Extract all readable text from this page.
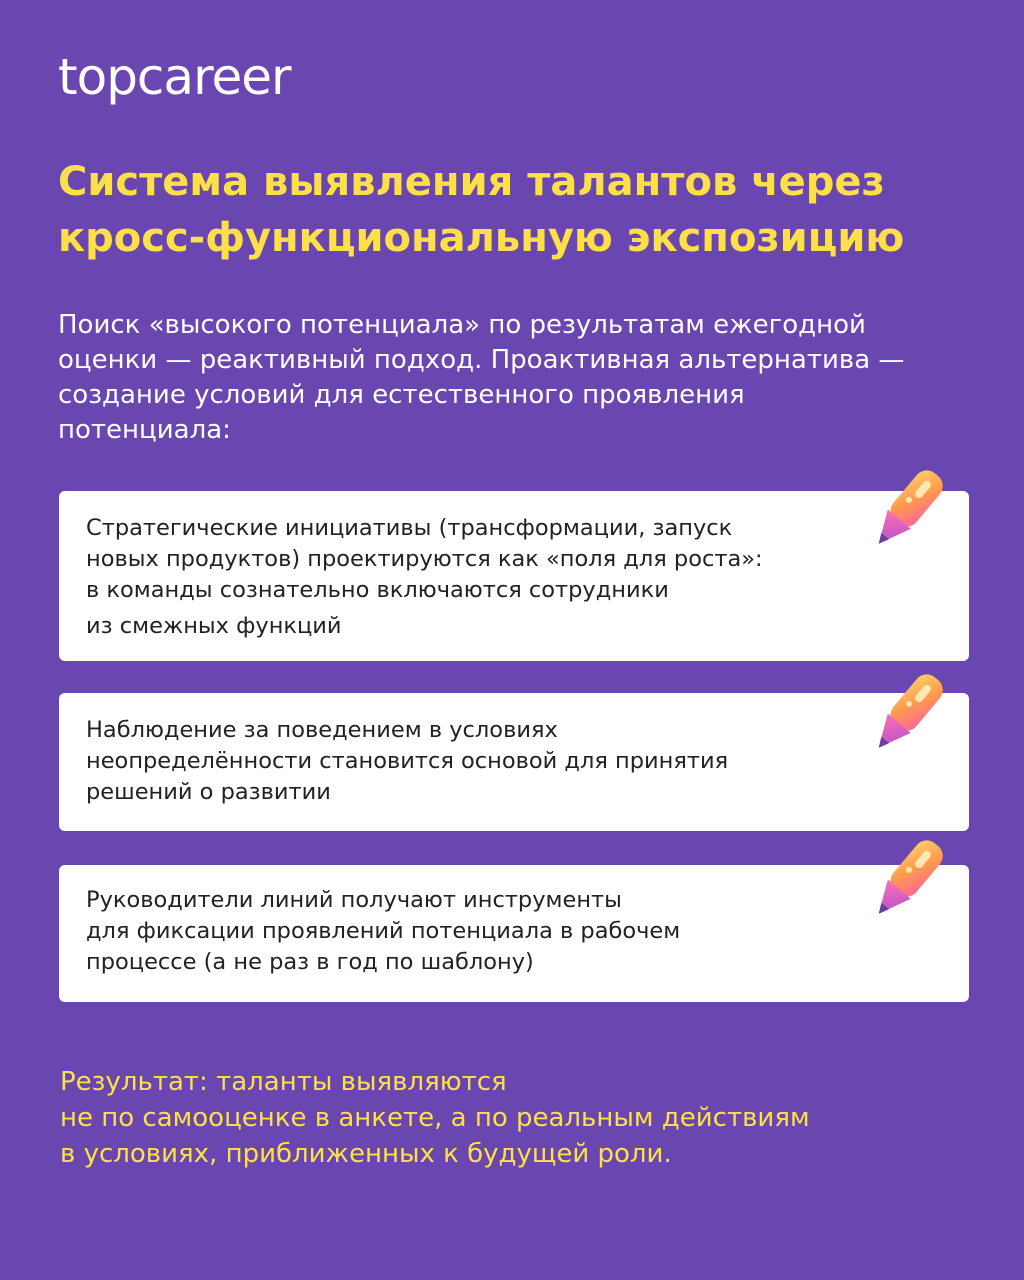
topcareer
Система выявления талантов через
кросс-функциональную экспозицию
Поиск «высокого потенциала» по результатам ежегодной
оценки — реактивный подход. Проактивная альтернатива —
создание условий для естественного проявления
потенциала:
Стратегические инициативы (трансформации, запуск
новых продуктов) проектируются как «поля для роста»:
в команды сознательно включаются сотрудники
из смежных функций
Наблюдение за поведением в условиях
неопределённости становится основой для принятия
решений о развитии
Руководители линий получают инструменты
для фиксации проявлений потенциала в рабочем
процессе (а не раз в год по шаблону)
Результат: таланты выявляются
не по самооценке в анкете, а по реальным действиям
в условиях, приближенных к будущей роли.
